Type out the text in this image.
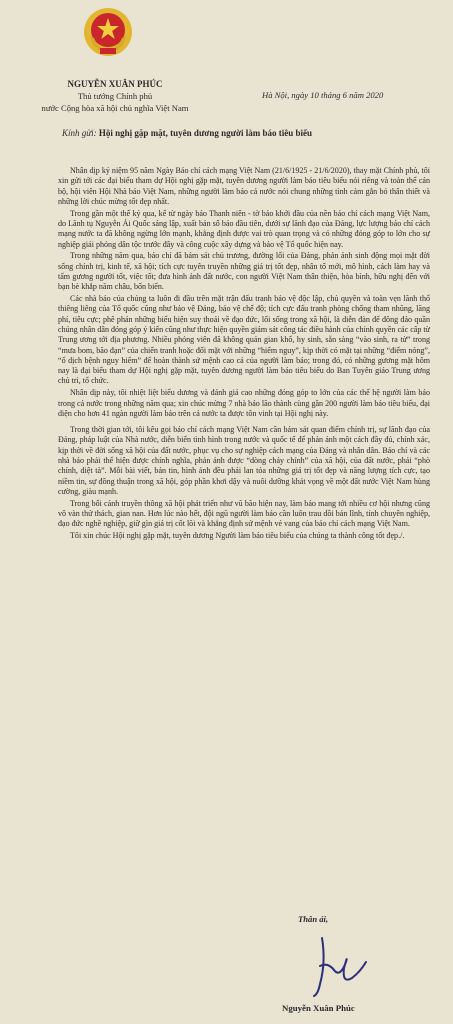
NGUYỄN XUÂN PHÚC
Thủ tướng Chính phủ
nước Cộng hòa xã hội chủ nghĩa Việt Nam
Hà Nội, ngày 10 tháng 6 năm 2020
Kính gửi: Hội nghị gặp mặt, tuyên dương người làm báo tiêu biểu

Nhân dịp kỷ niệm 95 năm Ngày Báo chí cách mạng Việt Nam (21/6/1925 - 21/6/2020), thay mặt Chính phủ, tôi xin gửi tới các đại biểu tham dự Hội nghị gặp mặt, tuyên dương người làm báo tiêu biểu nói riêng và toàn thể cán bộ, hội viên Hội Nhà báo Việt Nam, những người làm báo cả nước nói chung những tình cảm gắn bó thân thiết và những lời chúc mừng tốt đẹp nhất.

Trong gần một thế kỷ qua, kể từ ngày báo Thanh niên - tờ báo khởi đầu của nền báo chí cách mạng Việt Nam, do Lãnh tụ Nguyễn Ái Quốc sáng lập, xuất bản số báo đầu tiên, dưới sự lãnh đạo của Đảng, lực lượng báo chí cách mạng nước ta đã không ngừng lớn mạnh, khẳng định được vai trò quan trọng và có những đóng góp to lớn cho sự nghiệp giải phóng dân tộc trước đây và công cuộc xây dựng và bảo vệ Tổ quốc hiện nay.

Trong những năm qua, báo chí đã bám sát chủ trương, đường lối của Đảng, phản ánh sinh động mọi mặt đời sống chính trị, kinh tế, xã hội; tích cực tuyên truyền những giá trị tốt đẹp, nhân tố mới, mô hình, cách làm hay và tấm gương người tốt, việc tốt; đưa hình ảnh đất nước, con người Việt Nam thân thiện, hòa bình, hữu nghị đến với bạn bè khắp năm châu, bốn biển.

Các nhà báo của chúng ta luôn đi đầu trên mặt trận đấu tranh bảo vệ độc lập, chủ quyền và toàn vẹn lãnh thổ thiêng liêng của Tổ quốc cũng như bảo vệ Đảng, bảo vệ chế độ; tích cực đấu tranh phòng chống tham nhũng, lãng phí, tiêu cực; phê phán những biểu hiện suy thoái về đạo đức, lối sống trong xã hội, là diễn đàn để đông đảo quần chúng nhân dân đóng góp ý kiến cũng như thực hiện quyền giám sát công tác điều hành của chính quyền các cấp từ Trung ương tới địa phương. Nhiều phóng viên đã không quản gian khổ, hy sinh, sẵn sàng “vào sinh, ra tử” trong “mưa bom, bão đạn” của chiến tranh hoặc đối mặt với những “hiểm nguy”, kịp thời có mặt tại những “điểm nóng”, “ổ dịch bệnh nguy hiểm” để hoàn thành sứ mệnh cao cả của người làm báo; trong đó, có những gương mặt hôm nay là đại biểu tham dự Hội nghị gặp mặt, tuyên dương người làm báo tiêu biểu do Ban Tuyên giáo Trung ương chủ trì, tổ chức.

Nhân dịp này, tôi nhiệt liệt biểu dương và đánh giá cao những đóng góp to lớn của các thế hệ người làm báo trong cả nước trong những năm qua; xin chúc mừng 7 nhà báo lão thành cùng gần 200 người làm báo tiêu biểu, đại diện cho hơn 41 ngàn người làm báo trên cả nước ta được tôn vinh tại Hội nghị này.

Trong thời gian tới, tôi kêu gọi báo chí cách mạng Việt Nam cần bám sát quan điểm chính trị, sự lãnh đạo của Đảng, pháp luật của Nhà nước, diễn biến tình hình trong nước và quốc tế để phản ánh một cách đầy đủ, chính xác, kịp thời về đời sống xã hội của đất nước, phục vụ cho sự nghiệp cách mạng của Đảng và nhân dân. Báo chí và các nhà báo phải thể hiện được chính nghĩa, phản ánh được “dòng chảy chính” của xã hội, của đất nước, phải “phò chính, diệt tà”. Mỗi bài viết, bản tin, hình ảnh đều phải lan tỏa những giá trị tốt đẹp và năng lượng tích cực, tạo niềm tin, sự đồng thuận trong xã hội, góp phần khơi dậy và nuôi dưỡng khát vọng về một đất nước Việt Nam hùng cường, giàu mạnh.

Trong bối cảnh truyền thông xã hội phát triển như vũ bão hiện nay, làm báo mang tới nhiều cơ hội nhưng cũng vô vàn thử thách, gian nan. Hơn lúc nào hết, đội ngũ người làm báo cần luôn trau dồi bản lĩnh, tính chuyên nghiệp, đạo đức nghề nghiệp, giữ gìn giá trị cốt lõi và khẳng định sứ mệnh vẻ vang của báo chí cách mạng Việt Nam.

Tôi xin chúc Hội nghị gặp mặt, tuyên dương Người làm báo tiêu biểu của chúng ta thành công tốt đẹp./.

Thân ái,
Nguyễn Xuân Phúc
